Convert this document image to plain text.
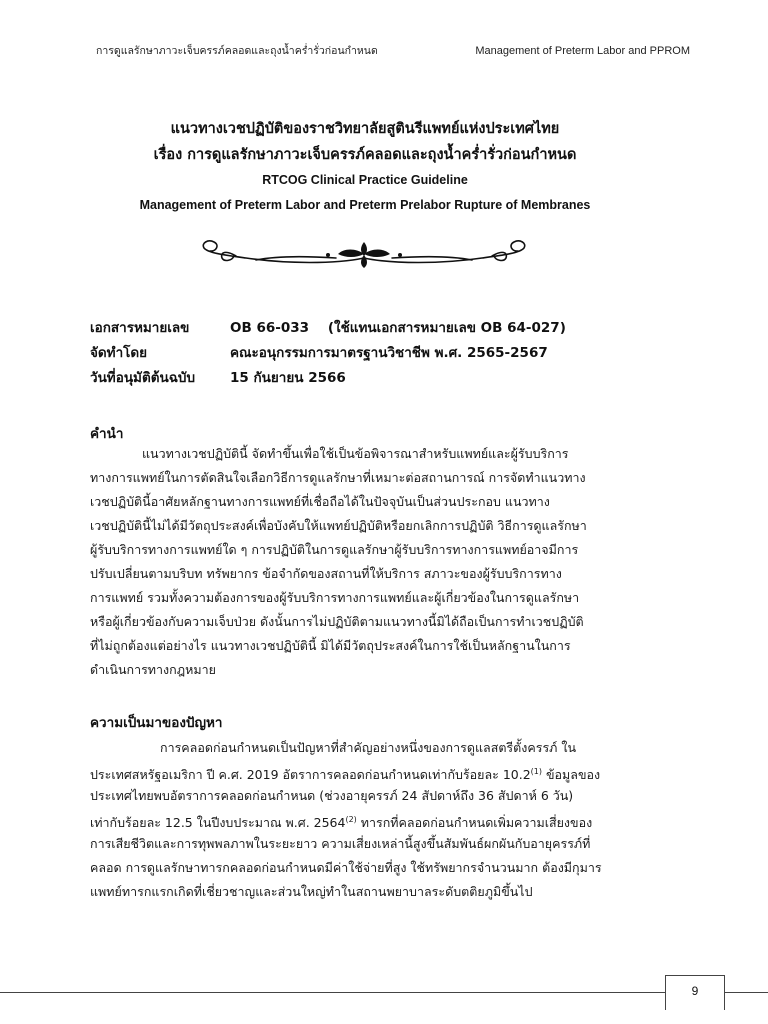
การดูแลรักษาภาวะเจ็บครรภ์คลอดและถุงน้ำคร่ำรั่วก่อนกำหนด	Management of Preterm Labor and PPROM
แนวทางเวชปฏิบัติของราชวิทยาลัยสูตินรีแพทย์แห่งประเทศไทย
เรื่อง การดูแลรักษาภาวะเจ็บครรภ์คลอดและถุงน้ำคร่ำรั่วก่อนกำหนด
RTCOG Clinical Practice Guideline
Management of Preterm Labor and Preterm Prelabor Rupture of Membranes
เอกสารหมายเลข	OB 66-033    (ใช้แทนเอกสารหมายเลข OB 64-027)
จัดทำโดย	คณะอนุกรรมการมาตรฐานวิชาชีพ พ.ศ. 2565-2567
วันที่อนุมัติต้นฉบับ	15 กันยายน 2566
คำนำ
แนวทางเวชปฏิบัตินี้ จัดทำขึ้นเพื่อใช้เป็นข้อพิจารณาสำหรับแพทย์และผู้รับบริการ
ทางการแพทย์ในการตัดสินใจเลือกวิธีการดูแลรักษาที่เหมาะต่อสถานการณ์ การจัดทำแนวทาง
เวชปฏิบัตินี้อาศัยหลักฐานทางการแพทย์ที่เชื่อถือได้ในปัจจุบันเป็นส่วนประกอบ แนวทาง
เวชปฏิบัตินี้ไม่ได้มีวัตถุประสงค์เพื่อบังคับให้แพทย์ปฏิบัติหรือยกเลิกการปฏิบัติ วิธีการดูแลรักษา
ผู้รับบริการทางการแพทย์ใด ๆ การปฏิบัติในการดูแลรักษาผู้รับบริการทางการแพทย์อาจมีการ
ปรับเปลี่ยนตามบริบท ทรัพยากร ข้อจำกัดของสถานที่ให้บริการ สภาวะของผู้รับบริการทาง
การแพทย์ รวมทั้งความต้องการของผู้รับบริการทางการแพทย์และผู้เกี่ยวข้องในการดูแลรักษา
หรือผู้เกี่ยวข้องกับความเจ็บป่วย ดังนั้นการไม่ปฏิบัติตามแนวทางนี้มิได้ถือเป็นการทำเวชปฏิบัติ
ที่ไม่ถูกต้องแต่อย่างไร แนวทางเวชปฏิบัตินี้ มิได้มีวัตถุประสงค์ในการใช้เป็นหลักฐานในการ
ดำเนินการทางกฎหมาย
ความเป็นมาของปัญหา
การคลอดก่อนกำหนดเป็นปัญหาที่สำคัญอย่างหนึ่งของการดูแลสตรีตั้งครรภ์ ใน
ประเทศสหรัฐอเมริกา ปี ค.ศ. 2019 อัตราการคลอดก่อนกำหนดเท่ากับร้อยละ 10.2$^{(1)}$ ข้อมูลของ
ประเทศไทยพบอัตราการคลอดก่อนกำหนด (ช่วงอายุครรภ์ 24 สัปดาห์ถึง 36 สัปดาห์ 6 วัน)
เท่ากับร้อยละ 12.5 ในปีงบประมาณ พ.ศ. 2564$^{(2)}$ ทารกที่คลอดก่อนกำหนดเพิ่มความเสี่ยงของ
การเสียชีวิตและการทุพพลภาพในระยะยาว ความเสี่ยงเหล่านี้สูงขึ้นสัมพันธ์ผกผันกับอายุครรภ์ที่
คลอด การดูแลรักษาทารกคลอดก่อนกำหนดมีค่าใช้จ่ายที่สูง ใช้ทรัพยากรจำนวนมาก ต้องมีกุมาร
แพทย์ทารกแรกเกิดที่เชี่ยวชาญและส่วนใหญ่ทำในสถานพยาบาลระดับตติยภูมิขึ้นไป
9
